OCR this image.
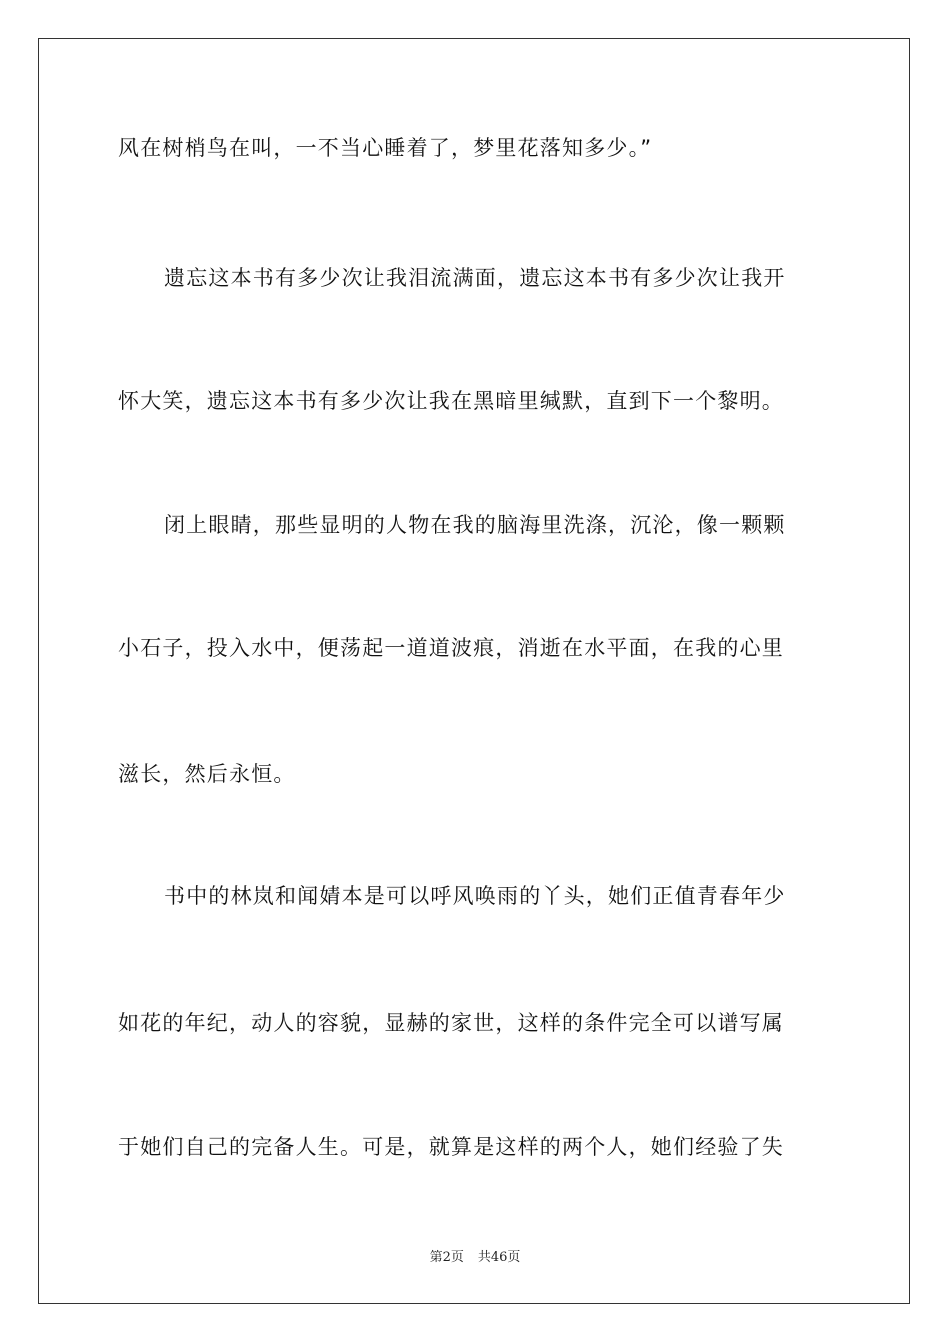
风在树梢鸟在叫，一不当心睡着了，梦里花落知多少。”
遗忘这本书有多少次让我泪流满面，遗忘这本书有多少次让我开
怀大笑，遗忘这本书有多少次让我在黑暗里缄默，直到下一个黎明。
闭上眼睛，那些显明的人物在我的脑海里洗涤，沉沦，像一颗颗
小石子，投入水中，便荡起一道道波痕，消逝在水平面，在我的心里
滋长，然后永恒。
书中的林岚和闻婧本是可以呼风唤雨的丫头，她们正值青春年少
如花的年纪，动人的容貌，显赫的家世，这样的条件完全可以谱写属
于她们自己的完备人生。可是，就算是这样的两个人，她们经验了失
第2页 共46页
